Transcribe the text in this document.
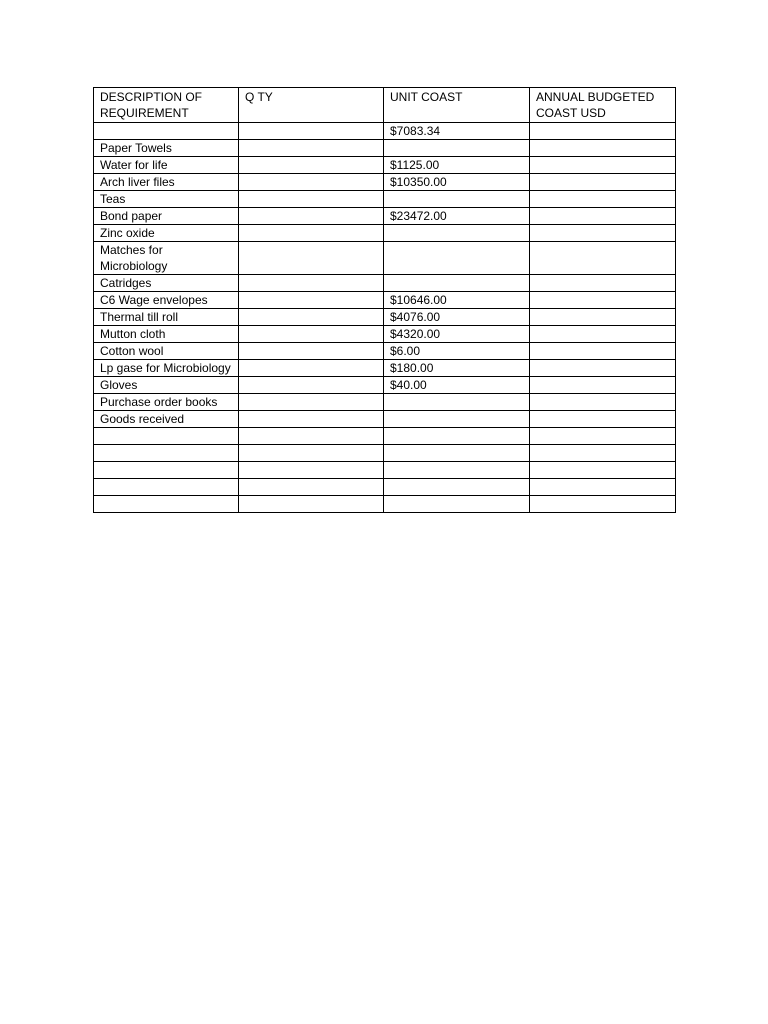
DESCRIPTION OF REQUIREMENT	Q TY	UNIT COAST	ANNUAL BUDGETED COAST USD
		$7083.34	
Paper Towels			
Water for life		$1125.00	
Arch liver files		$10350.00	
Teas			
Bond paper		$23472.00	
Zinc oxide			
Matches for Microbiology			
Catridges			
C6 Wage envelopes		$10646.00	
Thermal till roll		$4076.00	
Mutton cloth		$4320.00	
Cotton wool		$6.00	
Lp gase for Microbiology		$180.00	
Gloves		$40.00	
Purchase order books			
Goods received			
